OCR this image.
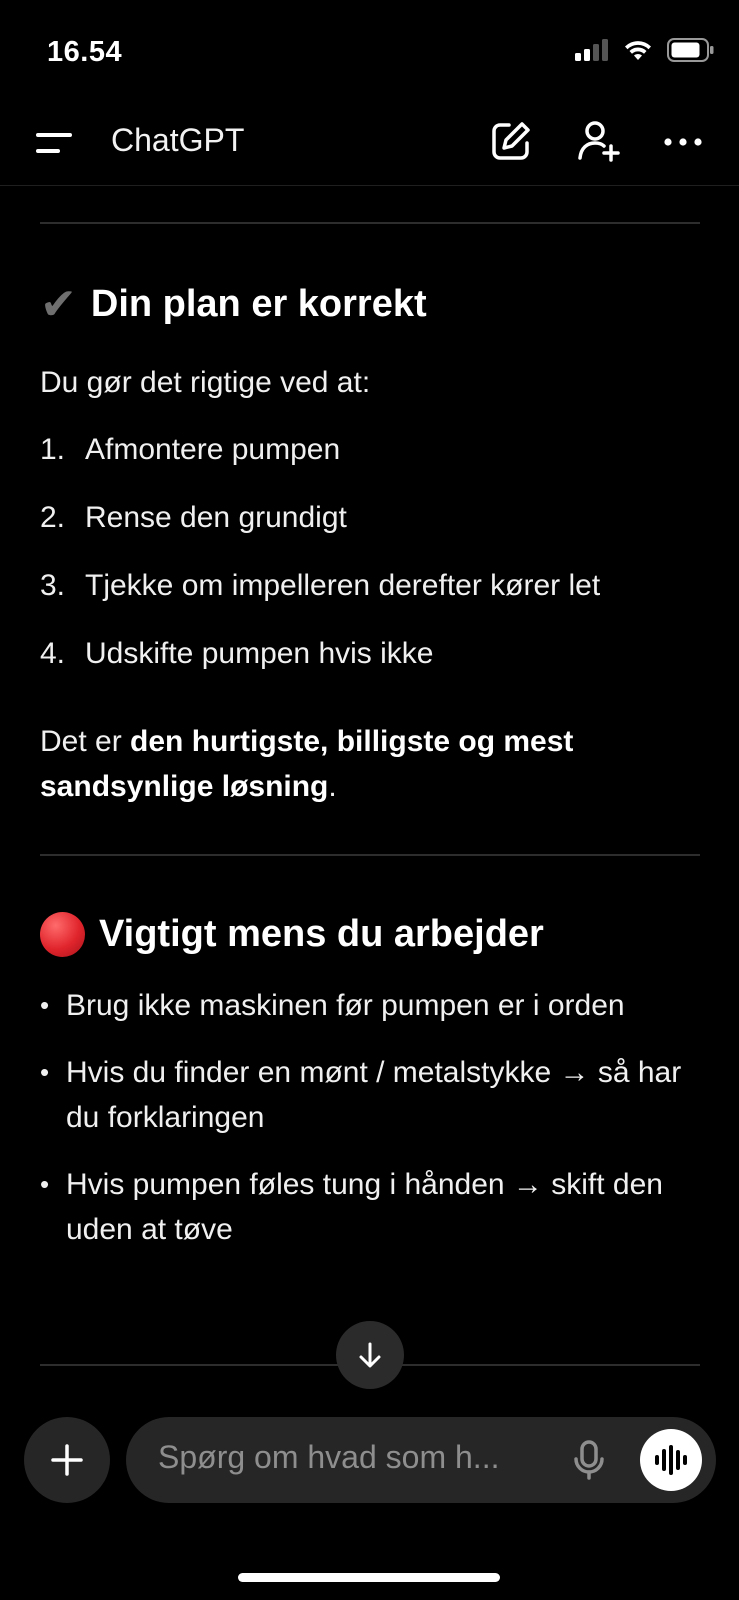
16.54
ChatGPT
✔ Din plan er korrekt
Du gør det rigtige ved at:
1. Afmontere pumpen
2. Rense den grundigt
3. Tjekke om impelleren derefter kører let
4. Udskifte pumpen hvis ikke
Det er den hurtigste, billigste og mest sandsynlige løsning.
Vigtigt mens du arbejder
• Brug ikke maskinen før pumpen er i orden
• Hvis du finder en mønt / metalstykke → så har du forklaringen
• Hvis pumpen føles tung i hånden → skift den uden at tøve
Spørg om hvad som h...
